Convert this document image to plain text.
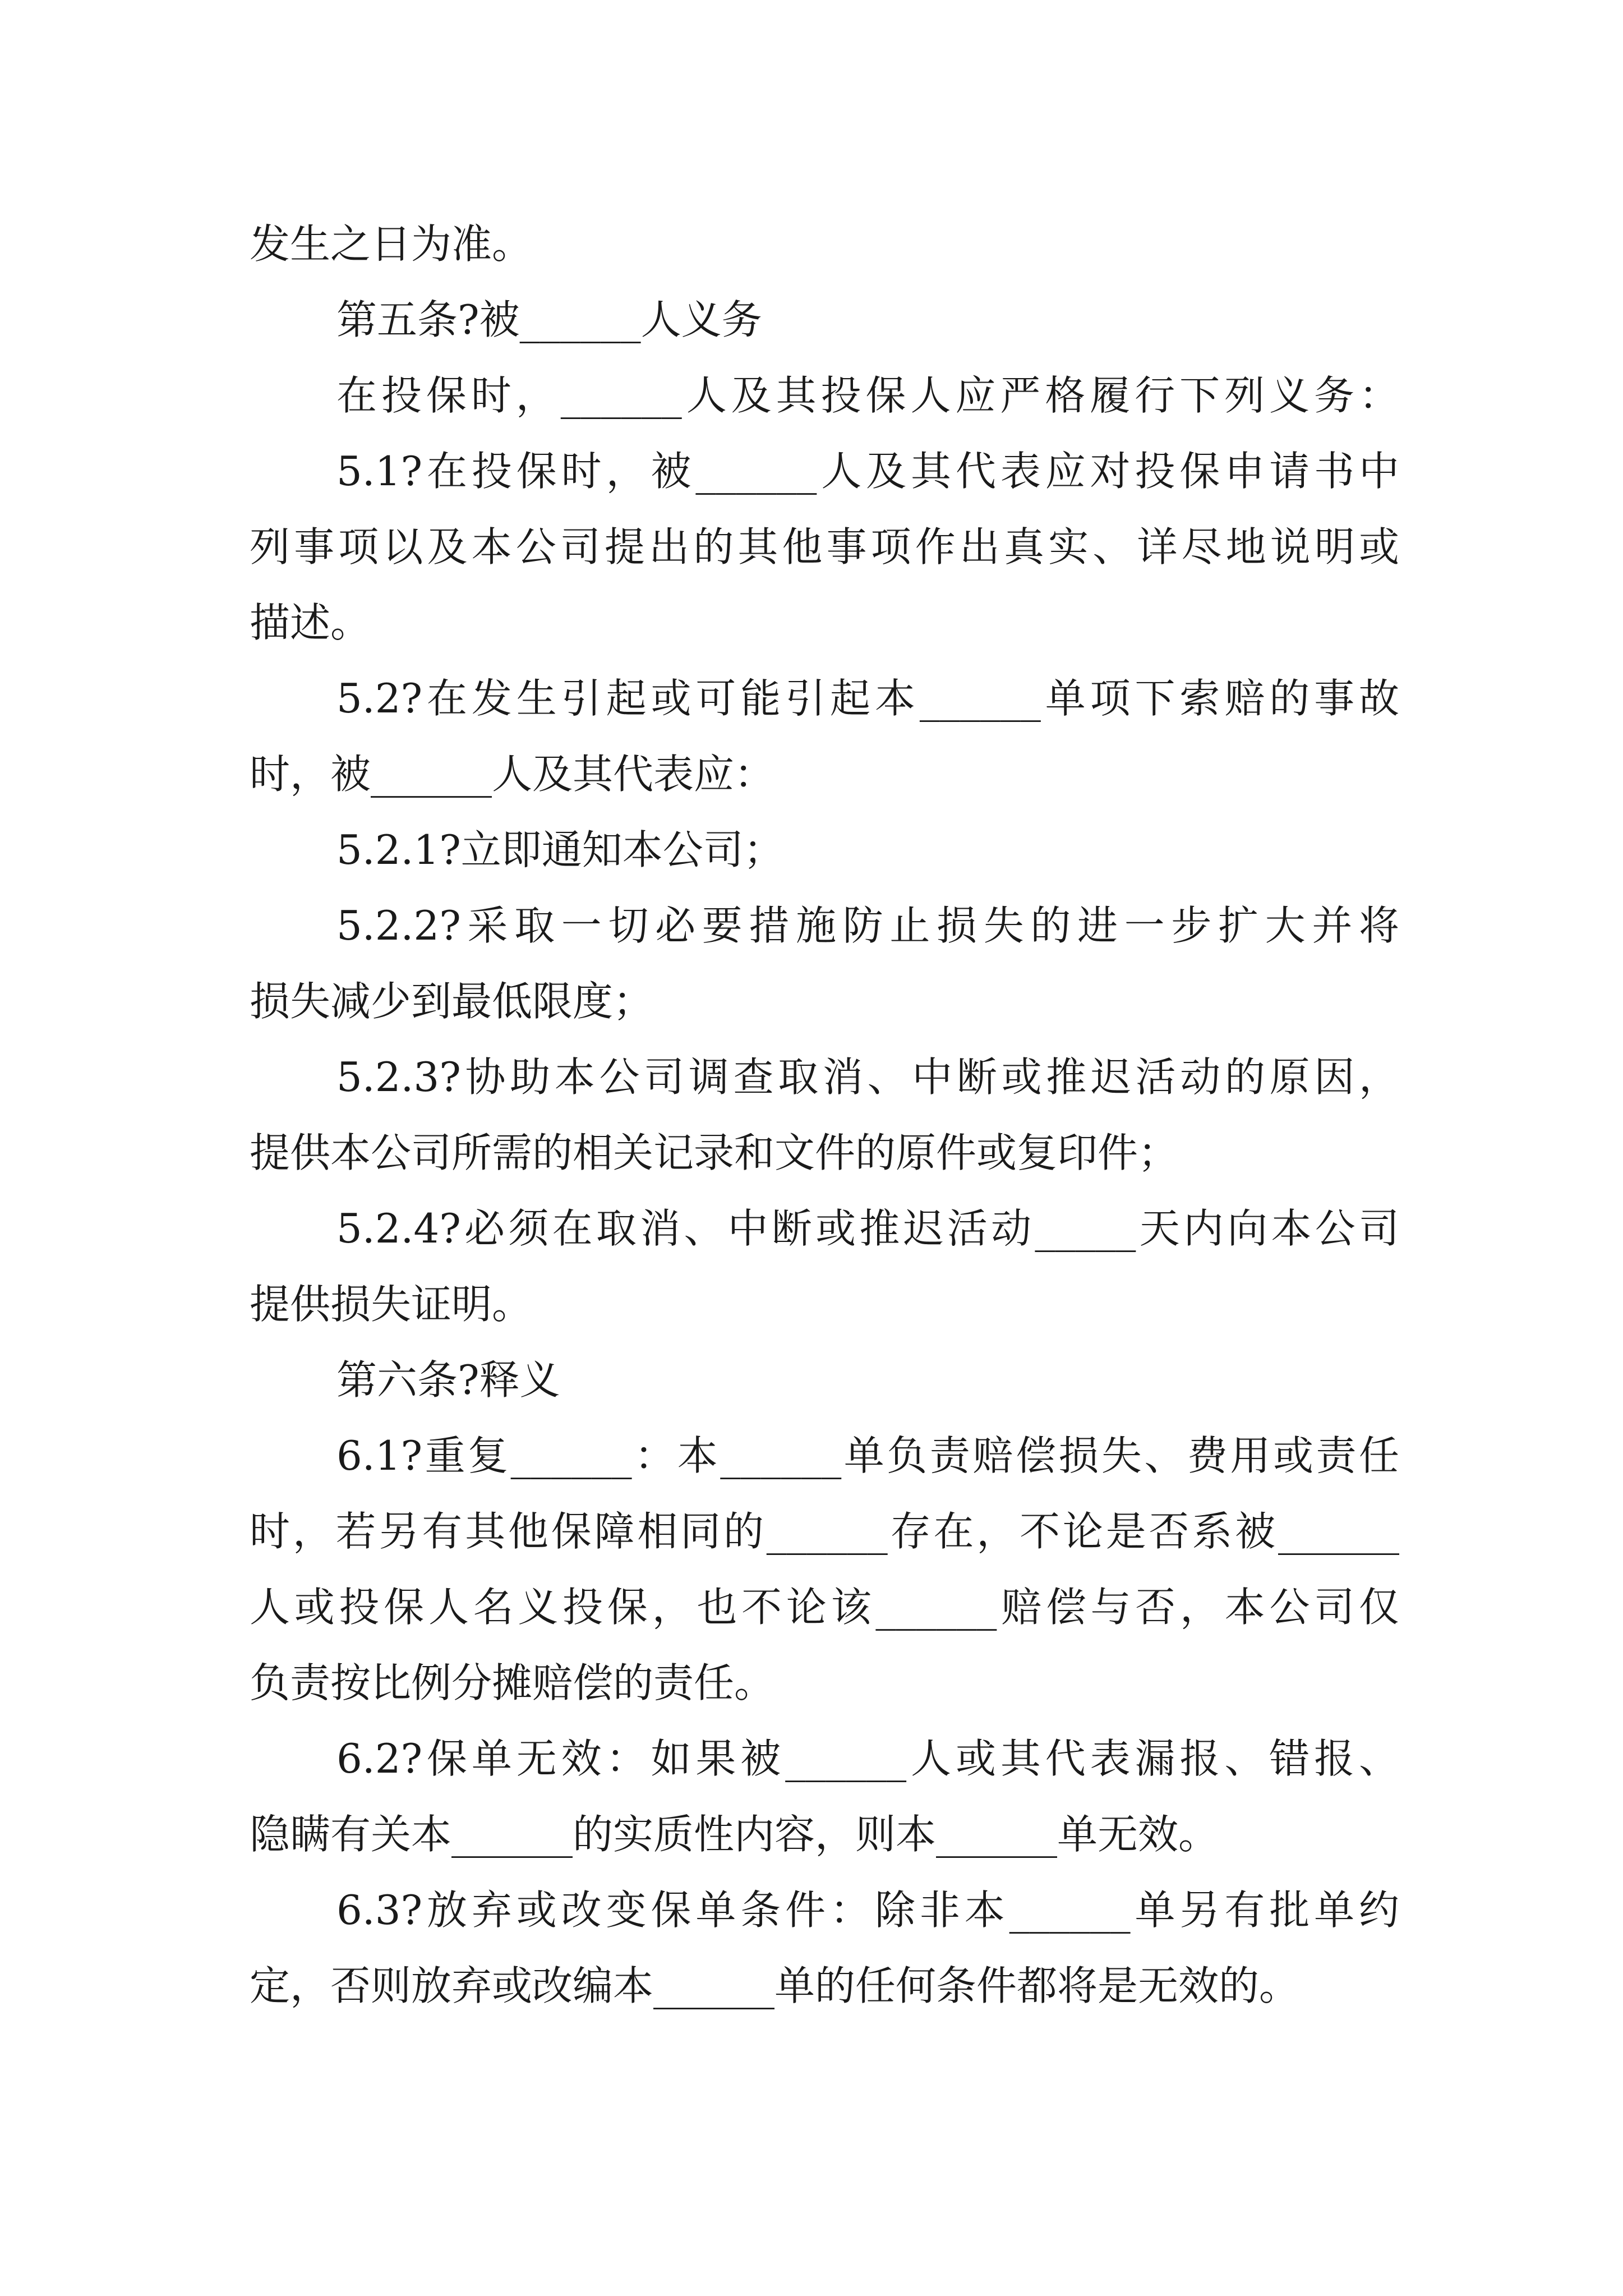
发生之日为准。

第五条?被______人义务

在投保时，______人及其投保人应严格履行下列义务：

5.1?在投保时，被______人及其代表应对投保申请书中

列事项以及本公司提出的其他事项作出真实、详尽地说明或

描述。

5.2?在发生引起或可能引起本______单项下索赔的事故

时，被______人及其代表应：

5.2.1?立即通知本公司；

5.2.2?采取一切必要措施防止损失的进一步扩大并将

损失减少到最低限度；

5.2.3?协助本公司调查取消、中断或推迟活动的原因，

提供本公司所需的相关记录和文件的原件或复印件；

5.2.4?必须在取消、中断或推迟活动_____天内向本公司

提供损失证明。

第六条?释义

6.1?重复______：本______单负责赔偿损失、费用或责任

时，若另有其他保障相同的______存在，不论是否系被______

人或投保人名义投保，也不论该______赔偿与否，本公司仅

负责按比例分摊赔偿的责任。

6.2?保单无效：如果被______人或其代表漏报、错报、

隐瞒有关本______的实质性内容，则本______单无效。

6.3?放弃或改变保单条件：除非本______单另有批单约

定，否则放弃或改编本______单的任何条件都将是无效的。
